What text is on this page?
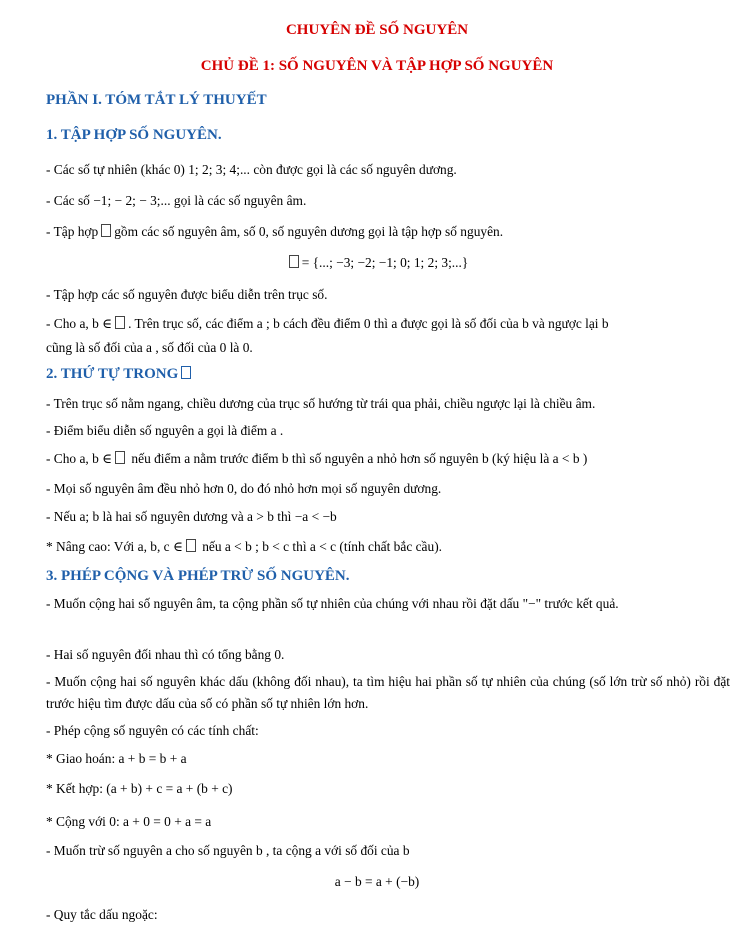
CHUYÊN ĐỀ SỐ NGUYÊN
CHỦ ĐỀ 1: SỐ NGUYÊN VÀ TẬP HỢP SỐ NGUYÊN
PHẦN I. TÓM TẮT LÝ THUYẾT
1. TẬP HỢP SỐ NGUYÊN.
- Các số tự nhiên (khác 0) 1; 2; 3; 4;... còn được gọi là các số nguyên dương.
- Các số −1; − 2; − 3;... gọi là các số nguyên âm.
- Tập hợp gồm các số nguyên âm, số 0, số nguyên dương gọi là tập hợp số nguyên.
= {...; −3; −2; −1; 0; 1; 2; 3;...}
- Tập hợp các số nguyên được biểu diễn trên trục số.
- Cho a, b ∈ . Trên trục số, các điểm a ; b cách đều điểm 0 thì a được gọi là số đối của b và ngược lại b
cũng là số đối của a , số đối của 0 là 0.
2. THỨ TỰ TRONG
- Trên trục số nằm ngang, chiều dương của trục số hướng từ trái qua phải, chiều ngược lại là chiều âm.
- Điểm biểu diễn số nguyên a gọi là điểm a .
- Cho a, b ∈ nếu điểm a nằm trước điểm b thì số nguyên a nhỏ hơn số nguyên b (ký hiệu là a < b )
- Mọi số nguyên âm đều nhỏ hơn 0, do đó nhỏ hơn mọi số nguyên dương.
- Nếu a; b là hai số nguyên dương và a > b thì −a < −b
* Nâng cao: Với a, b, c ∈ nếu a < b ; b < c thì a < c (tính chất bắc cầu).
3. PHÉP CỘNG VÀ PHÉP TRỪ SỐ NGUYÊN.
- Muốn cộng hai số nguyên âm, ta cộng phần số tự nhiên của chúng với nhau rồi đặt dấu "−" trước kết quả.
- Hai số nguyên đối nhau thì có tổng bằng 0.
- Muốn cộng hai số nguyên khác dấu (không đối nhau), ta tìm hiệu hai phần số tự nhiên của chúng (số lớn trừ số nhỏ) rồi đặt trước hiệu tìm được dấu của số có phần số tự nhiên lớn hơn.
- Phép cộng số nguyên có các tính chất:
* Giao hoán: a + b = b + a
* Kết hợp: (a + b) + c = a + (b + c)
* Cộng với 0: a + 0 = 0 + a = a
- Muốn trừ số nguyên a cho số nguyên b , ta cộng a với số đối của b
a − b = a + (−b)
- Quy tắc dấu ngoặc:
